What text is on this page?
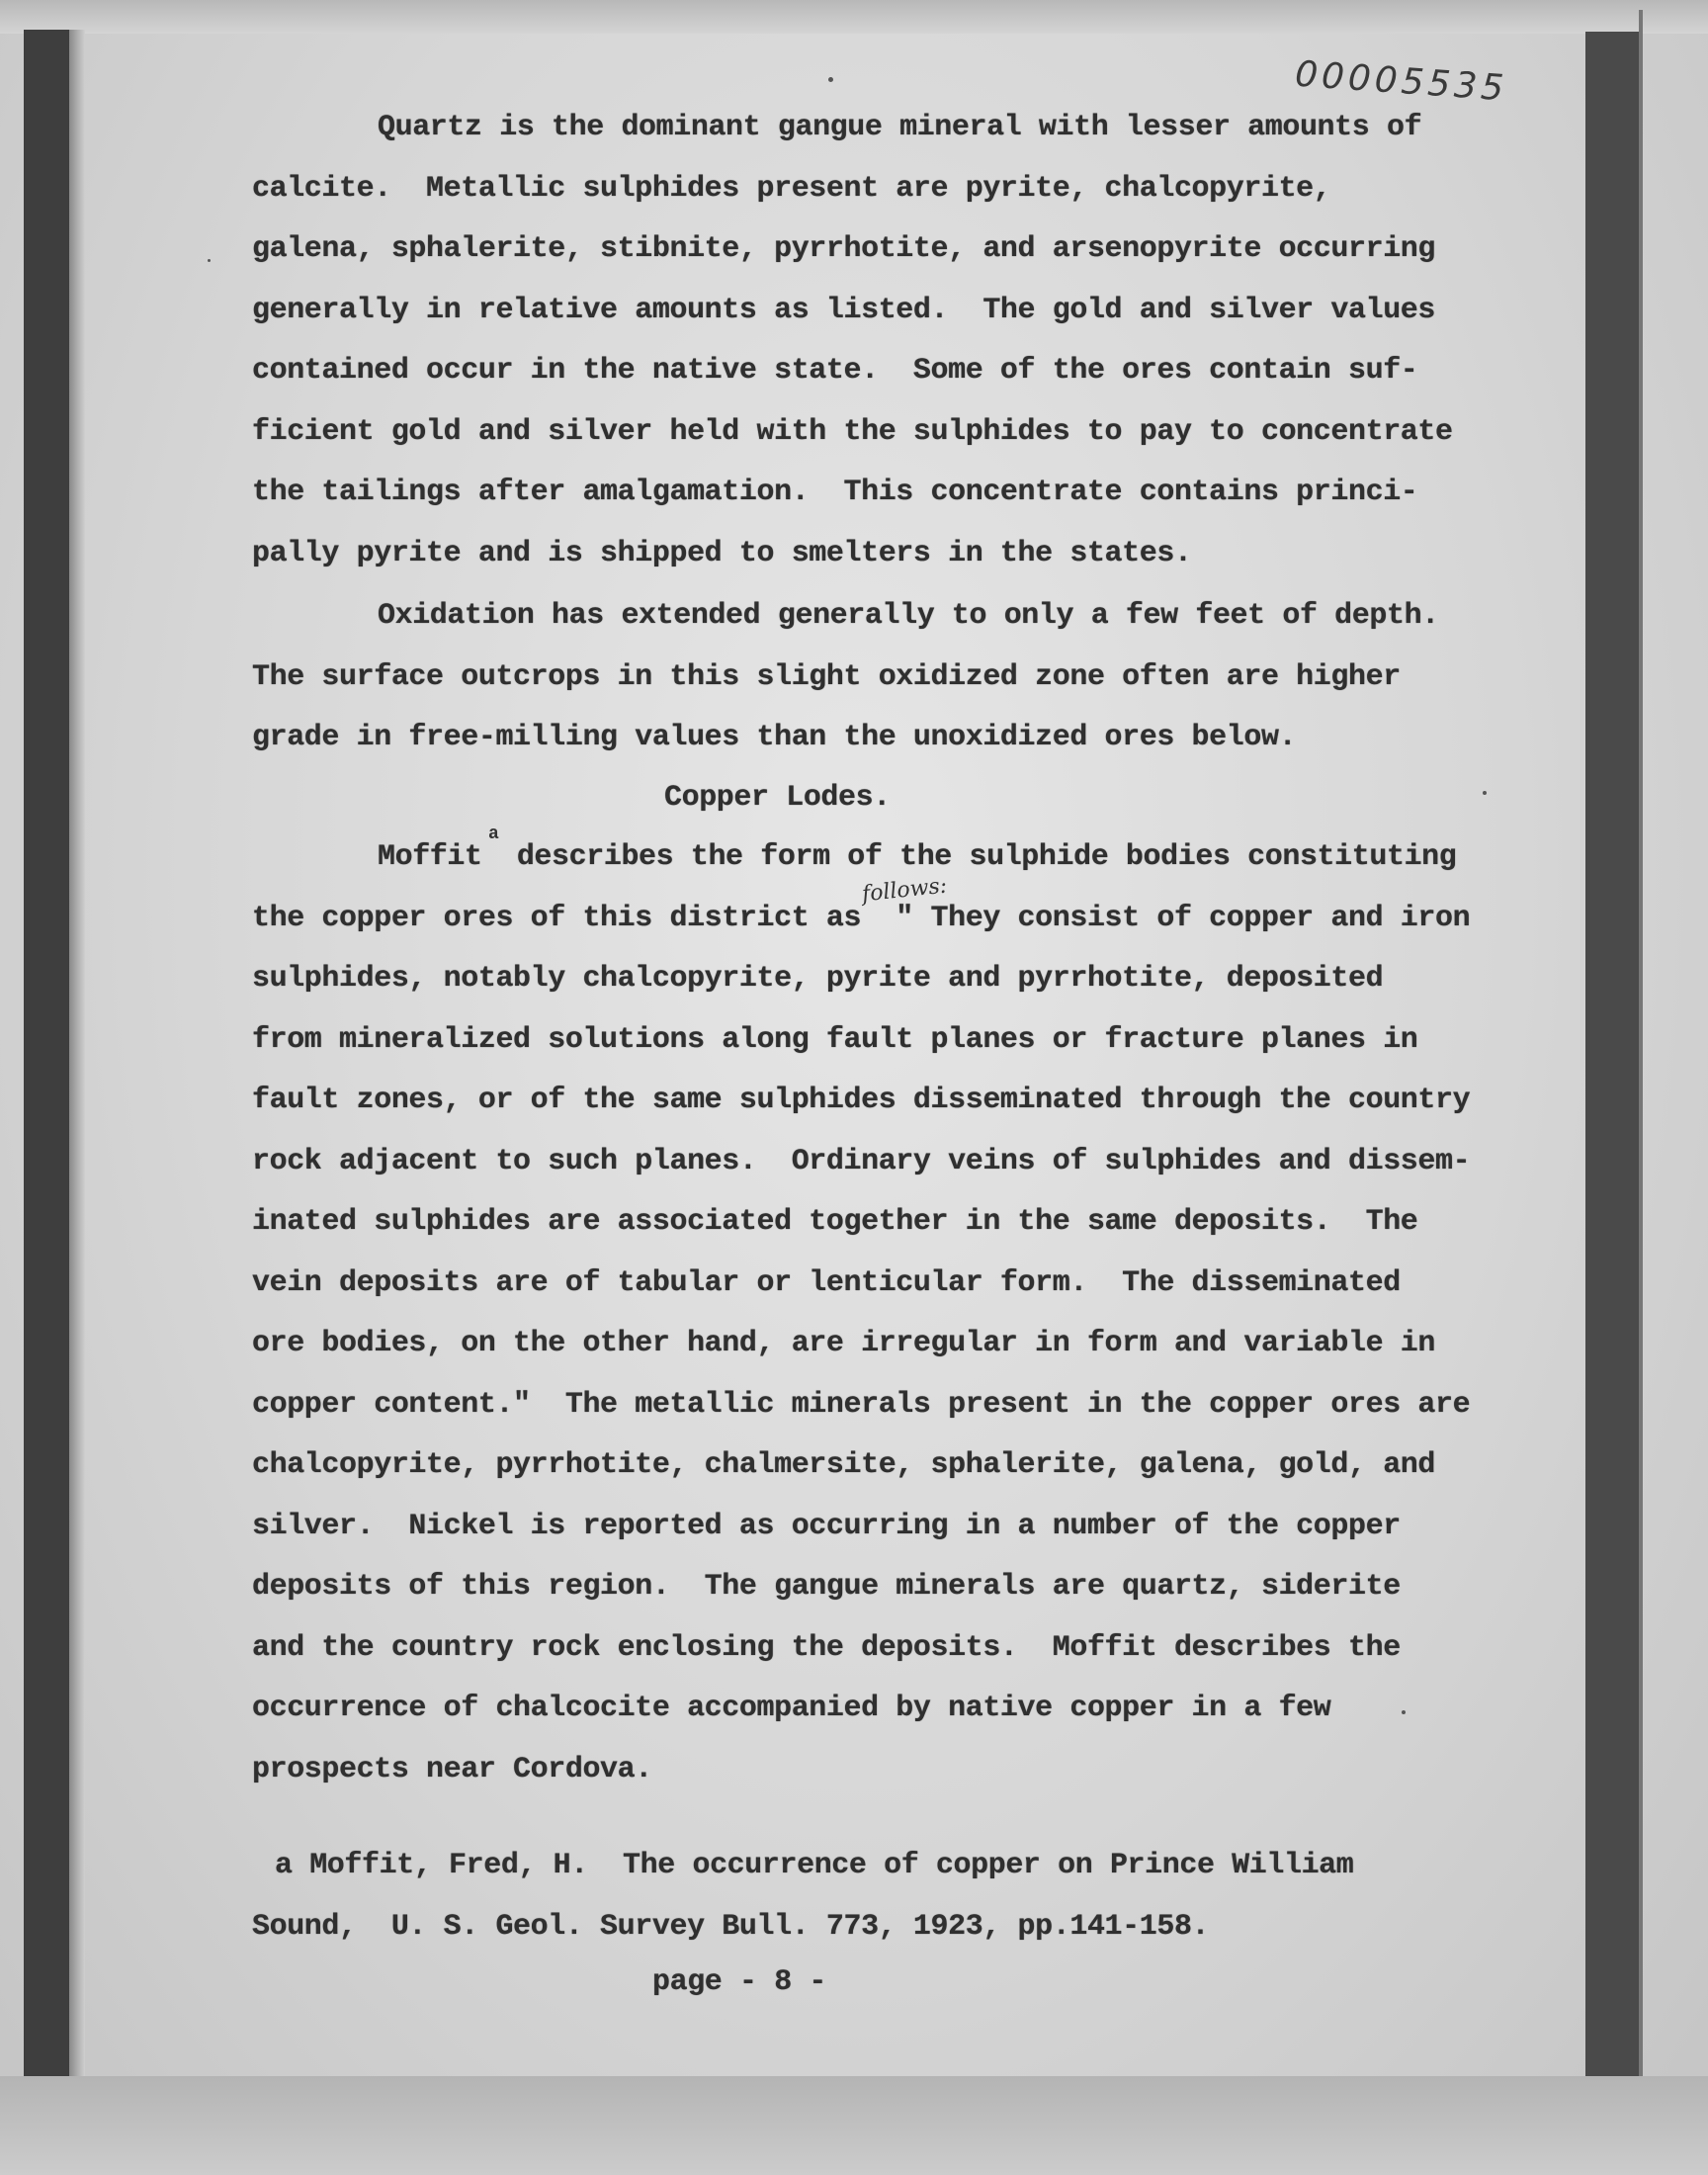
00005535
Quartz is the dominant gangue mineral with lesser amounts of
calcite.  Metallic sulphides present are pyrite, chalcopyrite,
galena, sphalerite, stibnite, pyrrhotite, and arsenopyrite occurring
generally in relative amounts as listed.  The gold and silver values
contained occur in the native state.  Some of the ores contain suf-
ficient gold and silver held with the sulphides to pay to concentrate
the tailings after amalgamation.  This concentrate contains princi-
pally pyrite and is shipped to smelters in the states.
Oxidation has extended generally to only a few feet of depth.
The surface outcrops in this slight oxidized zone often are higher
grade in free-milling values than the unoxidized ores below.
Copper Lodes.
a
follows:
Moffit  describes the form of the sulphide bodies constituting
the copper ores of this district as  " They consist of copper and iron
sulphides, notably chalcopyrite, pyrite and pyrrhotite, deposited
from mineralized solutions along fault planes or fracture planes in
fault zones, or of the same sulphides disseminated through the country
rock adjacent to such planes.  Ordinary veins of sulphides and dissem-
inated sulphides are associated together in the same deposits.  The
vein deposits are of tabular or lenticular form.  The disseminated
ore bodies, on the other hand, are irregular in form and variable in
copper content."  The metallic minerals present in the copper ores are
chalcopyrite, pyrrhotite, chalmersite, sphalerite, galena, gold, and
silver.  Nickel is reported as occurring in a number of the copper
deposits of this region.  The gangue minerals are quartz, siderite
and the country rock enclosing the deposits.  Moffit describes the
occurrence of chalcocite accompanied by native copper in a few
prospects near Cordova.
a Moffit, Fred, H.  The occurrence of copper on Prince William
Sound,  U. S. Geol. Survey Bull. 773, 1923, pp.141-158.
page - 8 -
